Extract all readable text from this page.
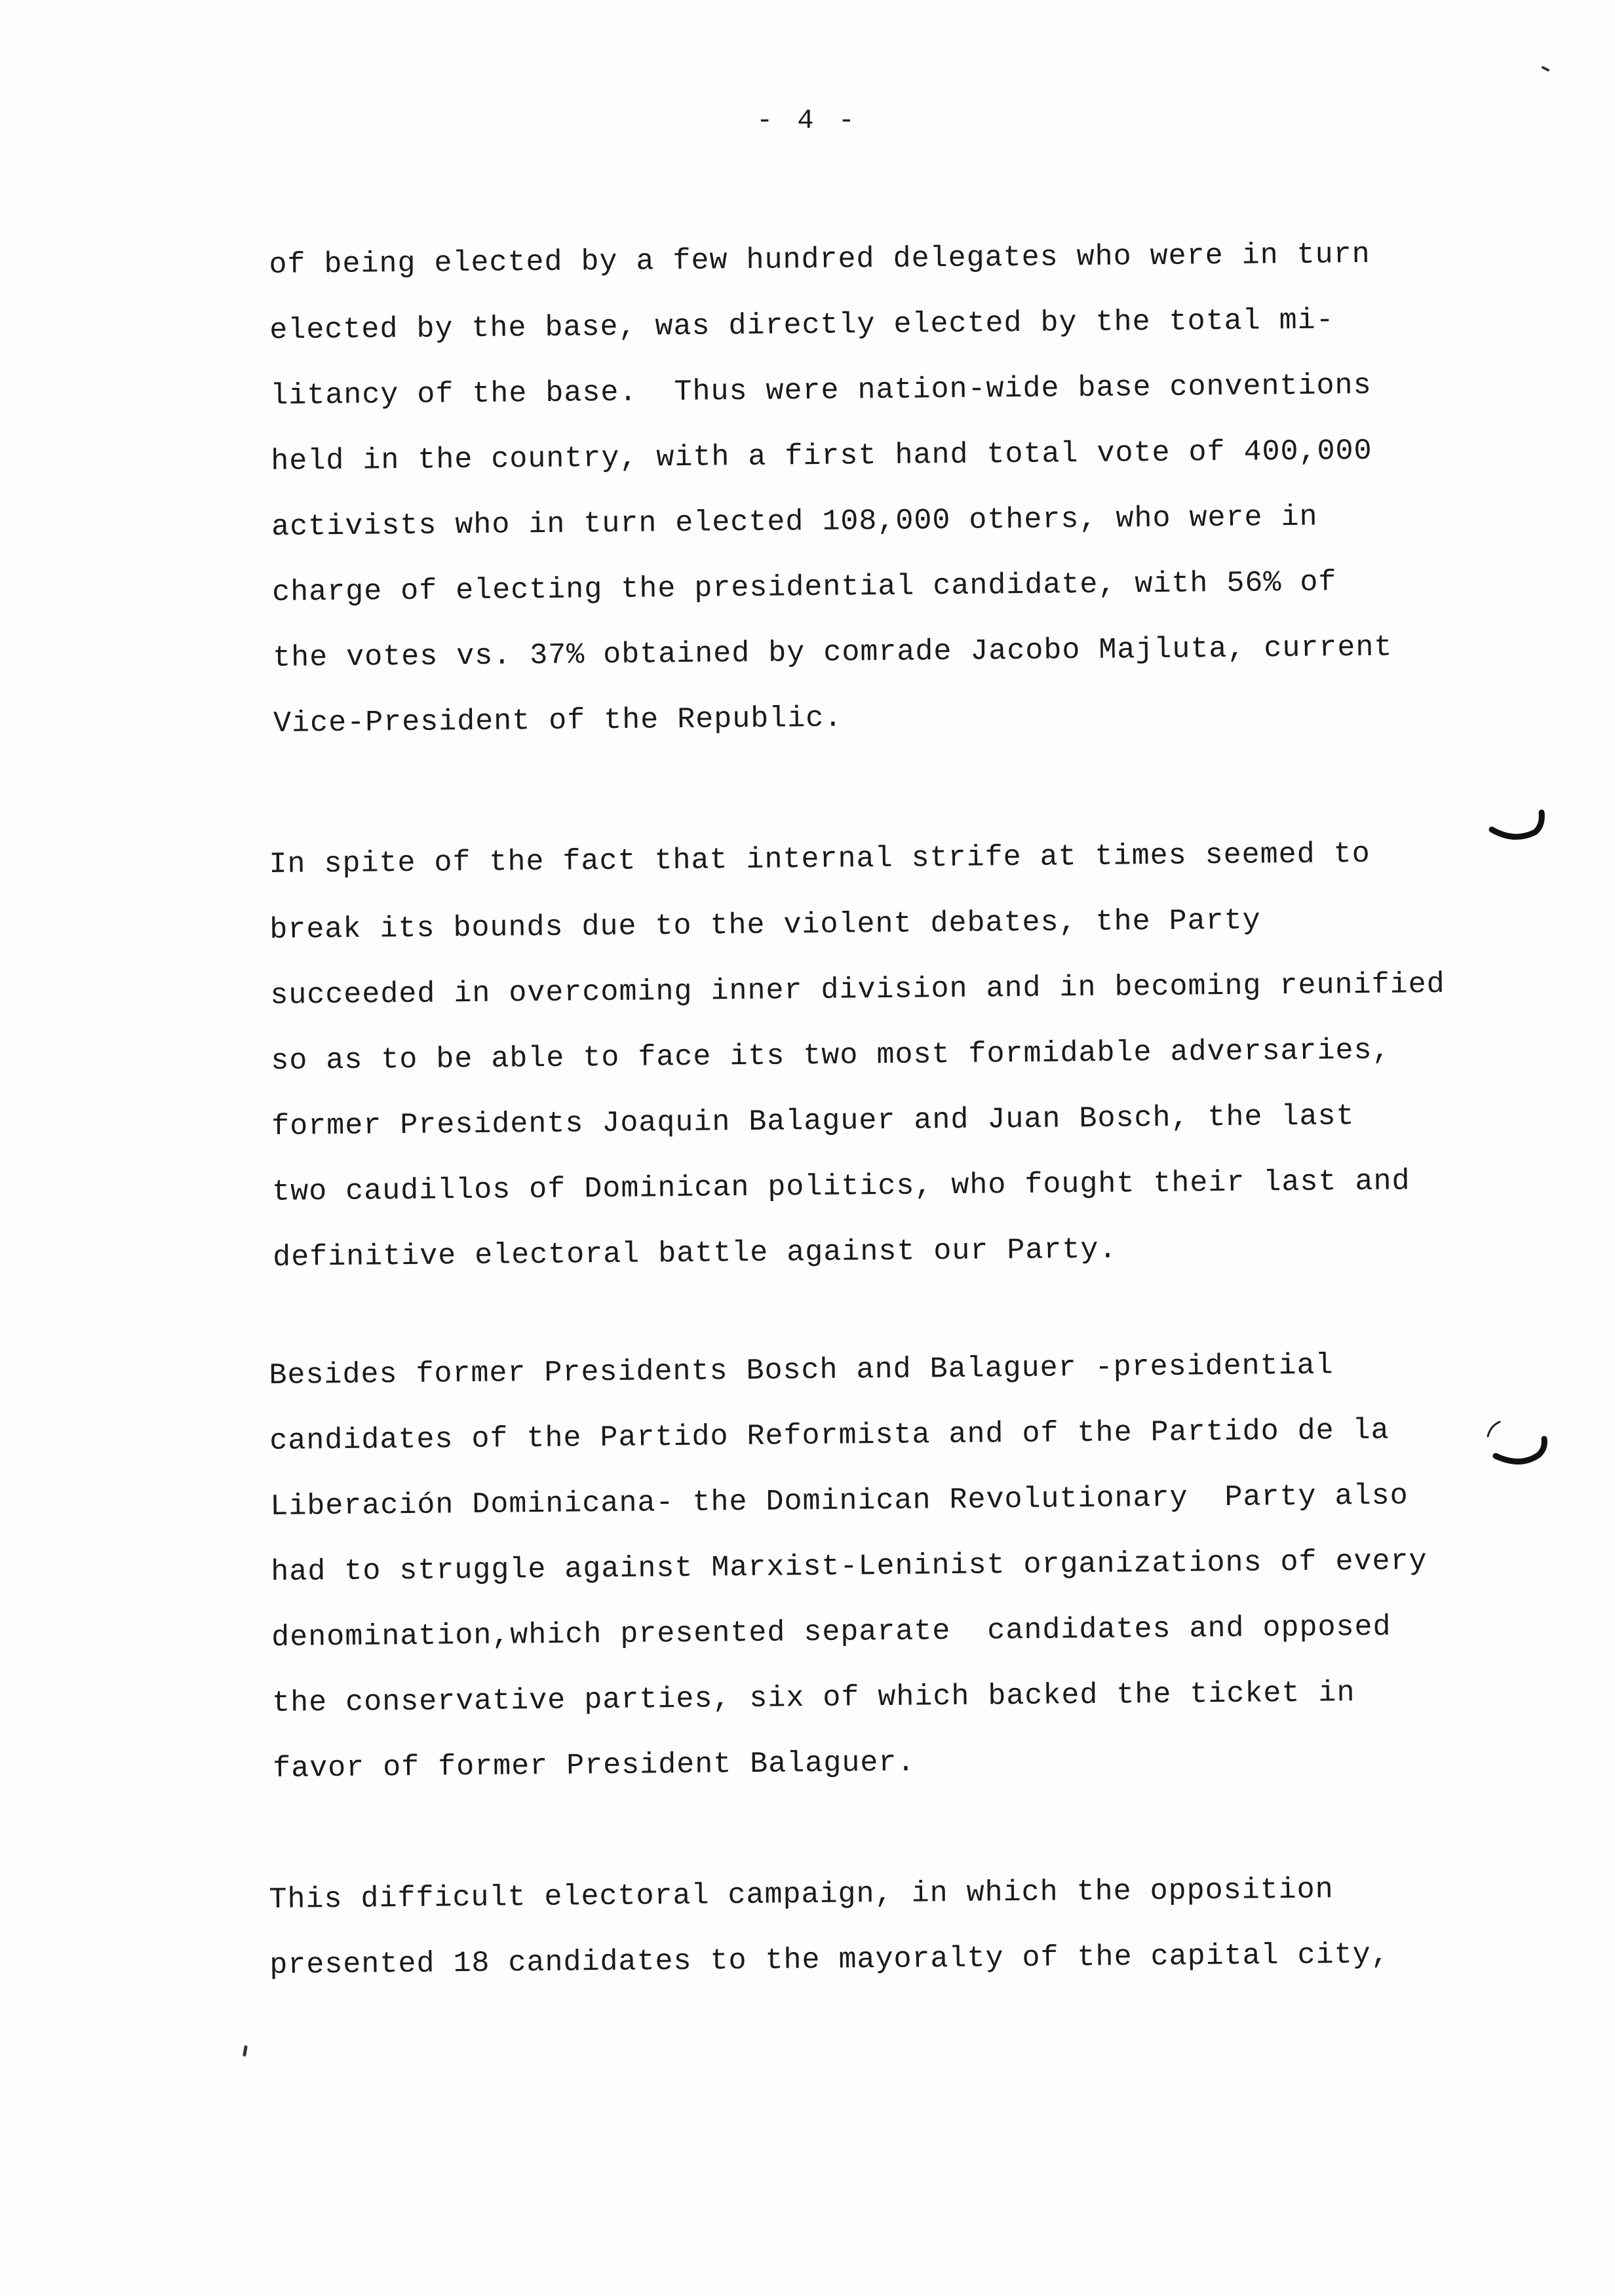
- 4 -
of being elected by a few hundred delegates who were in turn
elected by the base, was directly elected by the total mi-
litancy of the base.  Thus were nation-wide base conventions
held in the country, with a first hand total vote of 400,000
activists who in turn elected 108,000 others, who were in
charge of electing the presidential candidate, with 56% of
the votes vs. 37% obtained by comrade Jacobo Majluta, current
Vice-President of the Republic.
In spite of the fact that internal strife at times seemed to
break its bounds due to the violent debates, the Party
succeeded in overcoming inner division and in becoming reunified
so as to be able to face its two most formidable adversaries,
former Presidents Joaquin Balaguer and Juan Bosch, the last
two caudillos of Dominican politics, who fought their last and
definitive electoral battle against our Party.
Besides former Presidents Bosch and Balaguer -presidential
candidates of the Partido Reformista and of the Partido de la
Liberación Dominicana- the Dominican Revolutionary  Party also
had to struggle against Marxist-Leninist organizations of every
denomination,which presented separate  candidates and opposed
the conservative parties, six of which backed the ticket in
favor of former President Balaguer.
This difficult electoral campaign, in which the opposition
presented 18 candidates to the mayoralty of the capital city,
